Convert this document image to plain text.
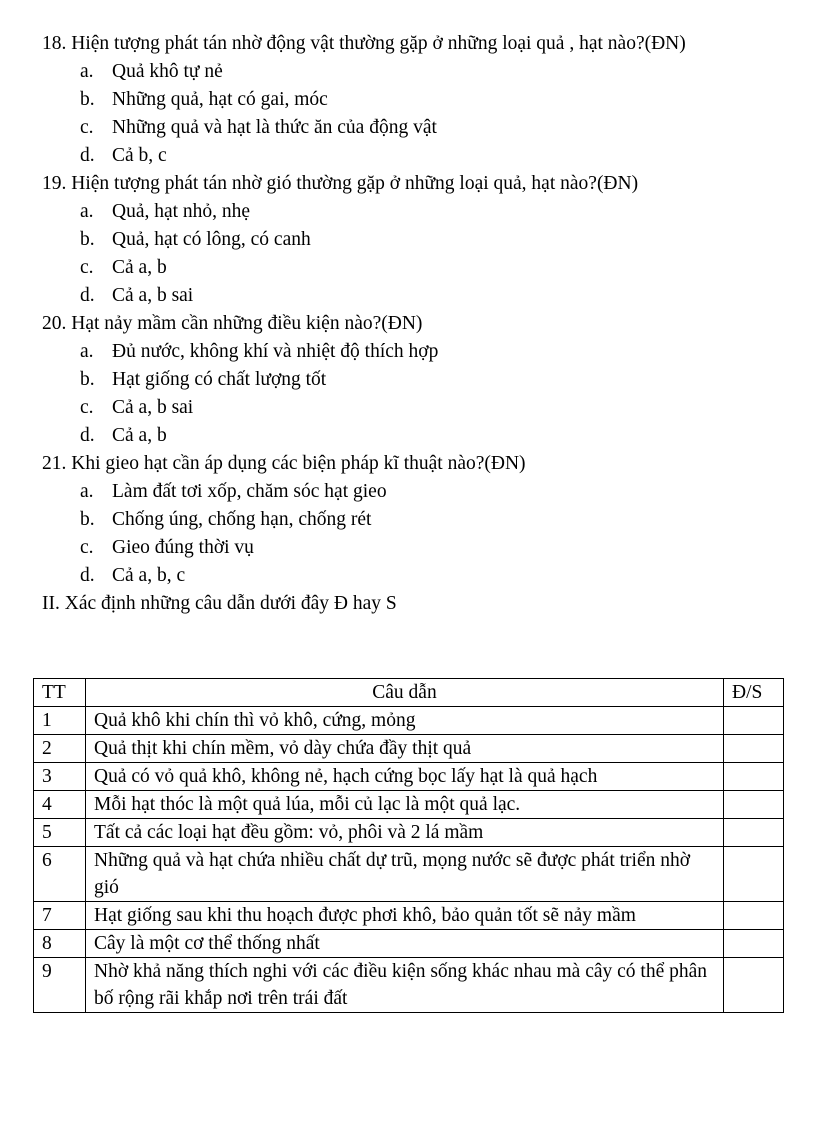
18. Hiện tượng phát tán nhờ động vật thường gặp ở những loại quả , hạt nào?(ĐN)
a. Quả khô tự nẻ
b. Những quả, hạt có gai, móc
c. Những quả và hạt là thức ăn của động vật
d. Cả b, c
19. Hiện tượng phát tán nhờ gió thường gặp ở những loại quả, hạt nào?(ĐN)
a. Quả, hạt nhỏ, nhẹ
b. Quả, hạt có lông, có canh
c. Cả a, b
d. Cả a, b sai
20. Hạt nảy mầm cần những điều kiện nào?(ĐN)
a. Đủ nước, không khí và nhiệt độ thích hợp
b. Hạt giống có chất lượng tốt
c. Cả a, b sai
d. Cả a, b
21. Khi gieo hạt cần áp dụng các biện pháp kĩ thuật nào?(ĐN)
a. Làm đất tơi xốp, chăm sóc hạt gieo
b. Chống úng, chống hạn, chống rét
c. Gieo đúng thời vụ
d. Cả a, b, c

II. Xác định những câu dẫn dưới đây Đ hay S

TT	Câu dẫn	Đ/S
1	Quả khô khi chín thì vỏ khô, cứng, mỏng	
2	Quả thịt khi chín mềm, vỏ dày chứa đầy thịt quả	
3	Quả có vỏ quả khô, không nẻ, hạch cứng bọc lấy hạt là quả hạch	
4	Mỗi hạt thóc là một quả lúa, mỗi củ lạc là một quả lạc.	
5	Tất cả các loại hạt đều gồm: vỏ, phôi và 2 lá mầm	
6	Những quả và hạt chứa nhiều chất dự trũ, mọng nước sẽ được phát triển nhờ gió	
7	Hạt giống sau khi thu hoạch được phơi khô, bảo quản tốt sẽ nảy mầm	
8	Cây là một cơ thể thống nhất	
9	Nhờ khả năng thích nghi với các điều kiện sống khác nhau mà cây có thể phân bố rộng rãi khắp nơi trên trái đất	
